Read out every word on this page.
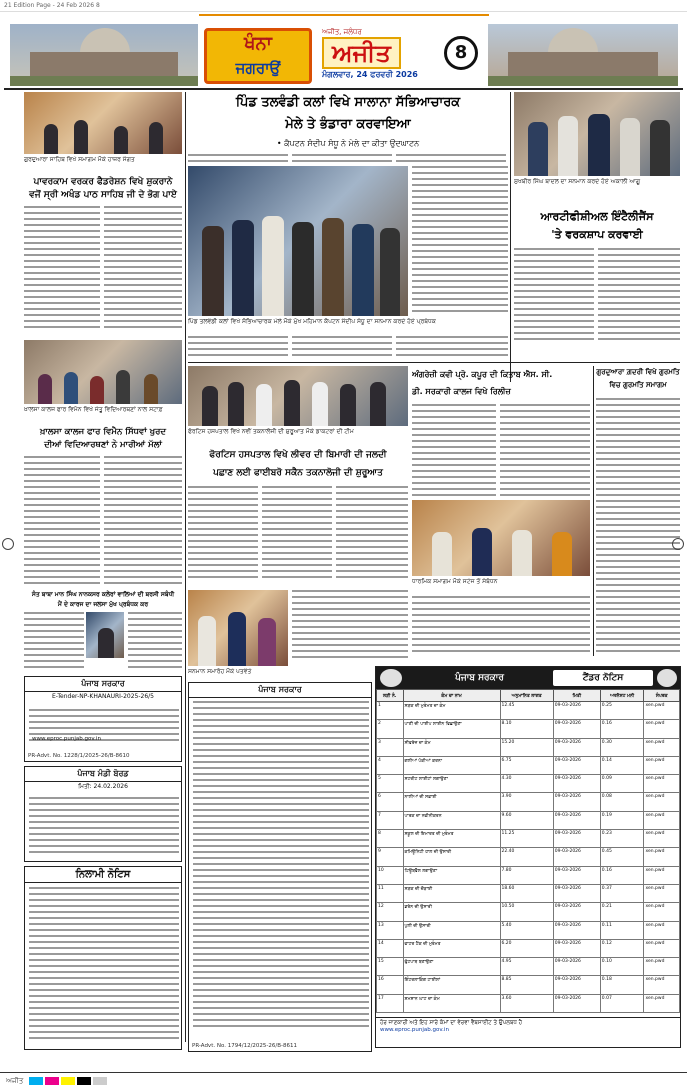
21 Edition Page - 24 Feb 2026 8
ਖੰਨਾ
ਜਗਰਾਉਂ
ਅਜੀਤ, ਜਲੰਧਰ
ਅਜੀਤ
ਮੰਗਲਵਾਰ, 24 ਫਰਵਰੀ 2026
8
ਗੁਰਦੁਆਰਾ ਸਾਹਿਬ ਵਿਖੇ ਸਮਾਗਮ ਮੌਕੇ ਹਾਜ਼ਰ ਸੰਗਤ
ਪਾਵਰਕਾਮ ਵਰਕਰ ਫੈਡਰੇਸ਼ਨ ਵਿਖੇ ਸ਼ੁਕਰਾਨੇ
ਵਜੋਂ ਸ੍ਰੀ ਅਖੰਡ ਪਾਠ ਸਾਹਿਬ ਜੀ ਦੇ ਭੋਗ ਪਾਏ
ਖ਼ਾਲਸਾ ਕਾਲਜ ਫਾਰ ਵਿਮੈਨ ਵਿਖੇ ਜੇਤੂ ਵਿਦਿਆਰਥਣਾਂ ਨਾਲ ਸਟਾਫ਼
ਖ਼ਾਲਸਾ ਕਾਲਜ ਫਾਰ ਵਿਮੈਨ ਸਿੱਧਵਾਂ ਖੁਰਦ
ਦੀਆਂ ਵਿਦਿਆਰਥਣਾਂ ਨੇ ਮਾਰੀਆਂ ਮੱਲਾਂ
ਸੰਤ ਬਾਬਾ ਮਾਨ ਸਿੰਘ ਨਾਨਕਸਰ ਕਲੇਰਾਂ ਵਾਲਿਆਂ ਦੀ ਬਰਸੀ ਸਬੰਧੀ
ਮੈਂ ਦੇ ਕਾਰਜ ਦਾ ਜਲਸਾ ਮੁੱਖ ਪ੍ਰਬੰਧਕ ਕਰ
ਪੰਜਾਬ ਸਰਕਾਰ
E-Tender-NP-KHANAURI-2025-26/5
www.eproc.punjab.gov.in
PR-Advt. No. 1228/1/2025-26/B-8610
ਪੰਜਾਬ ਮੰਡੀ ਬੋਰਡ
ਮਿਤੀ: 24.02.2026
ਨਿਲਾਮੀ ਨੋਟਿਸ
ਪਿੰਡ ਤਲਵੰਡੀ ਕਲਾਂ ਵਿਖੇ ਸਾਲਾਨਾ ਸੱਭਿਆਚਾਰਕ
ਮੇਲੇ ਤੇ ਭੰਡਾਰਾ ਕਰਵਾਇਆ
• ਕੈਪਟਨ ਸੰਦੀਪ ਸੰਧੂ ਨੇ ਮੇਲੇ ਦਾ ਕੀਤਾ ਉਦਘਾਟਨ
ਪਿੰਡ ਤਲਵੰਡੀ ਕਲਾਂ ਵਿਖੇ ਸੱਭਿਆਚਾਰਕ ਮੇਲੇ ਮੌਕੇ ਮੁੱਖ ਮਹਿਮਾਨ ਕੈਪਟਨ ਸੰਦੀਪ ਸੰਧੂ ਦਾ ਸਨਮਾਨ ਕਰਦੇ ਹੋਏ ਪ੍ਰਬੰਧਕ
ਸੁਖਬੀਰ ਸਿੰਘ ਬਾਦਲ ਦਾ ਸਨਮਾਨ ਕਰਦੇ ਹੋਏ ਅਕਾਲੀ ਆਗੂ
ਆਰਟੀਫੀਸ਼ੀਅਲ ਇੰਟੈਲੀਜੈਂਸ
'ਤੇ ਵਰਕਸ਼ਾਪ ਕਰਵਾਈ
ਅੰਗਰੇਜ਼ੀ ਕਵੀ ਪ੍ਰੋ. ਕਪੂਰ ਦੀ ਕਿਤਾਬ ਐਸ. ਸੀ.
ਡੀ. ਸਰਕਾਰੀ ਕਾਲਜ ਵਿਖੇ ਰਿਲੀਜ਼
ਗੁਰਦੁਆਰਾ ਗ਼ਦਰੀ ਵਿਖੇ ਗੁਰਮਤਿ
ਵਿਚ ਗੁਰਮਤਿ ਸਮਾਗਮ
ਫੋਰਟਿਸ ਹਸਪਤਾਲ ਵਿਖੇ ਨਵੀਂ ਤਕਨਾਲੋਜੀ ਦੀ ਸ਼ੁਰੂਆਤ ਮੌਕੇ ਡਾਕਟਰਾਂ ਦੀ ਟੀਮ
ਫੋਰਟਿਸ ਹਸਪਤਾਲ ਵਿਖੇ ਲੀਵਰ ਦੀ ਬਿਮਾਰੀ ਦੀ ਜਲਦੀ
ਪਛਾਣ ਲਈ ਫਾਈਬਰੋ ਸਕੈਨ ਤਕਨਾਲੋਜੀ ਦੀ ਸ਼ੁਰੂਆਤ
ਧਾਰਮਿਕ ਸਮਾਗਮ ਮੌਕੇ ਸਟੇਜ ਤੋਂ ਸੰਬੋਧਨ
ਸਨਮਾਨ ਸਮਾਰੋਹ ਮੌਕੇ ਪਤਵੰਤੇ
ਪੰਜਾਬ ਸਰਕਾਰ
PR-Advt. No. 1794/12/2025-26/B-8611
ਪੰਜਾਬ ਸਰਕਾਰ	ਟੈਂਡਰ ਨੋਟਿਸ
ਲੜੀ ਨੰ.	ਕੰਮ ਦਾ ਨਾਮ	ਅਨੁਮਾਨਿਤ ਲਾਗਤ	ਮਿਤੀ	ਅਰਨੈਸਟ ਮਨੀ	ਸੰਪਰਕ
1	ਸੜਕ ਦੀ ਮੁਰੰਮਤ ਦਾ ਕੰਮ	12.45	09-03-2026	0.25	xen.pwd
2	ਪਾਣੀ ਦੀ ਪਾਈਪ ਲਾਈਨ ਵਿਛਾਉਣਾ	8.10	09-03-2026	0.16	xen.pwd
3	ਸੀਵਰੇਜ ਦਾ ਕੰਮ	15.20	09-03-2026	0.30	xen.pwd
4	ਗਲੀਆਂ ਪੱਕੀਆਂ ਕਰਨਾ	6.75	09-03-2026	0.14	xen.pwd
5	ਸਟਰੀਟ ਲਾਈਟਾਂ ਲਗਾਉਣਾ	4.30	09-03-2026	0.09	xen.pwd
6	ਨਾਲੀਆਂ ਦੀ ਸਫ਼ਾਈ	3.90	09-03-2026	0.08	xen.pwd
7	ਪਾਰਕ ਦਾ ਨਵੀਨੀਕਰਨ	9.60	09-03-2026	0.19	xen.pwd
8	ਸਕੂਲ ਦੀ ਇਮਾਰਤ ਦੀ ਮੁਰੰਮਤ	11.25	09-03-2026	0.23	xen.pwd
9	ਕਮਿਊਨਿਟੀ ਹਾਲ ਦੀ ਉਸਾਰੀ	22.40	09-03-2026	0.45	xen.pwd
10	ਟਿਊਬਵੈੱਲ ਲਗਾਉਣਾ	7.80	09-03-2026	0.16	xen.pwd
11	ਸੜਕ ਦੀ ਚੌੜਾਈ	18.60	09-03-2026	0.37	xen.pwd
12	ਡਰੇਨ ਦੀ ਉਸਾਰੀ	10.50	09-03-2026	0.21	xen.pwd
13	ਪੁਲੀ ਦੀ ਉਸਾਰੀ	5.40	09-03-2026	0.11	xen.pwd
14	ਵਾਟਰ ਟੈਂਕ ਦੀ ਮੁਰੰਮਤ	6.20	09-03-2026	0.12	xen.pwd
15	ਫੁੱਟਪਾਥ ਬਣਾਉਣਾ	4.95	09-03-2026	0.10	xen.pwd
16	ਇੰਟਰਲਾਕਿੰਗ ਟਾਈਲਾਂ	8.85	09-03-2026	0.18	xen.pwd
17	ਸ਼ਮਸ਼ਾਨ ਘਾਟ ਦਾ ਕੰਮ	3.60	09-03-2026	0.07	xen.pwd
ਹੋਰ ਜਾਣਕਾਰੀ ਅਤੇ ਇਹ ਸਾਰੇ ਕੰਮਾਂ ਦਾ ਵੇਰਵਾ ਵੈਬਸਾਈਟ ਤੇ ਉਪਲਬਧ ਹੈ
www.eproc.punjab.gov.in
ਅਜੀਤ
